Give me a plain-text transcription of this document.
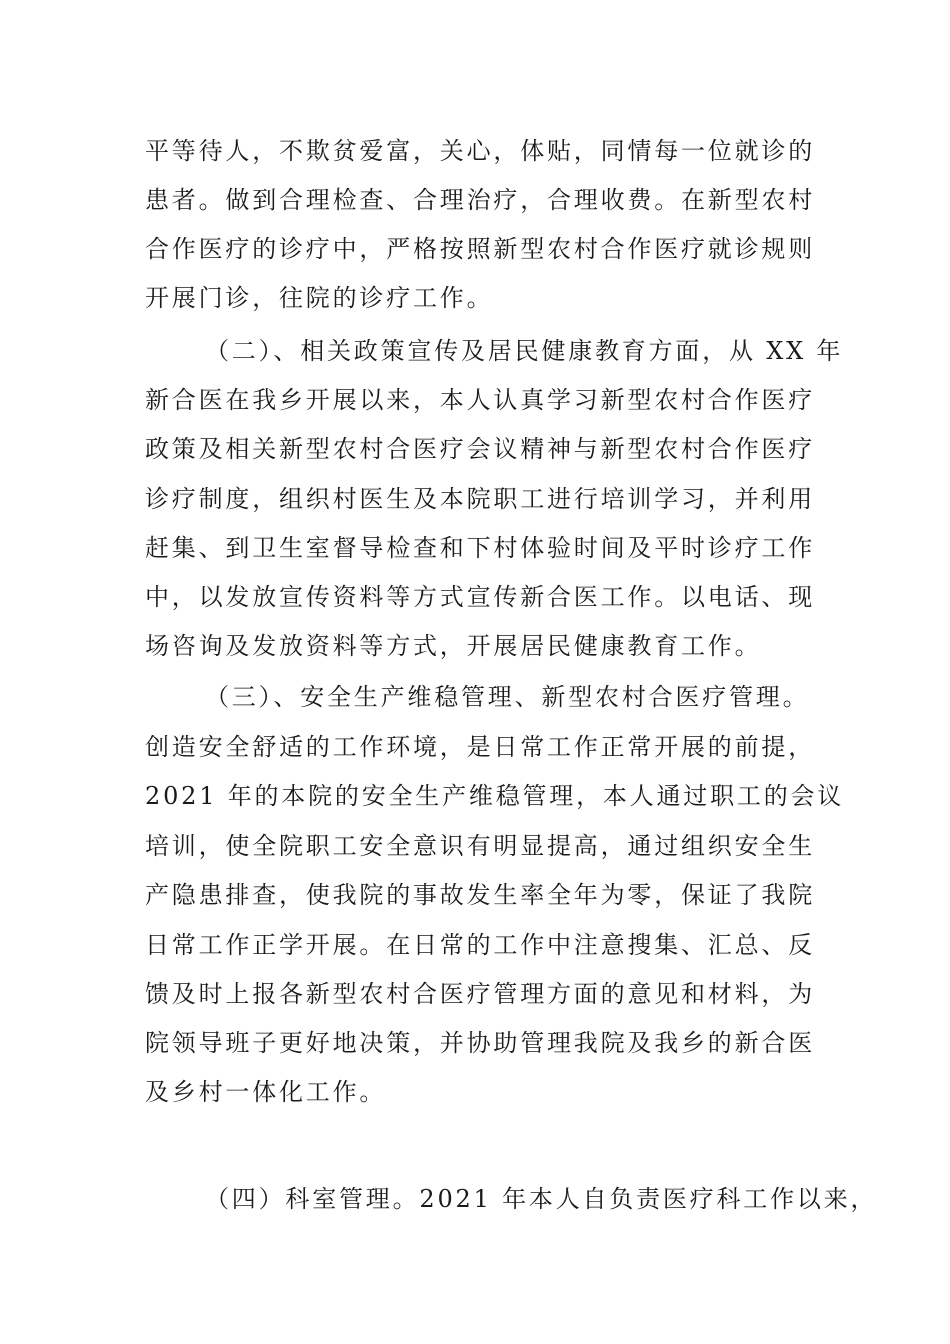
平等待人，不欺贫爱富，关心，体贴，同情每一位就诊的
患者。做到合理检查、合理治疗，合理收费。在新型农村
合作医疗的诊疗中，严格按照新型农村合作医疗就诊规则
开展门诊，往院的诊疗工作。
（二）、相关政策宣传及居民健康教育方面，从 XX 年
新合医在我乡开展以来，本人认真学习新型农村合作医疗
政策及相关新型农村合医疗会议精神与新型农村合作医疗
诊疗制度，组织村医生及本院职工进行培训学习，并利用
赶集、到卫生室督导检查和下村体验时间及平时诊疗工作
中，以发放宣传资料等方式宣传新合医工作。以电话、现
场咨询及发放资料等方式，开展居民健康教育工作。
（三）、安全生产维稳管理、新型农村合医疗管理。
创造安全舒适的工作环境，是日常工作正常开展的前提，
2021 年的本院的安全生产维稳管理，本人通过职工的会议
培训，使全院职工安全意识有明显提高，通过组织安全生
产隐患排查，使我院的事故发生率全年为零，保证了我院
日常工作正学开展。在日常的工作中注意搜集、汇总、反
馈及时上报各新型农村合医疗管理方面的意见和材料，为
院领导班子更好地决策，并协助管理我院及我乡的新合医
及乡村一体化工作。
（四）科室管理。2021 年本人自负责医疗科工作以来，
